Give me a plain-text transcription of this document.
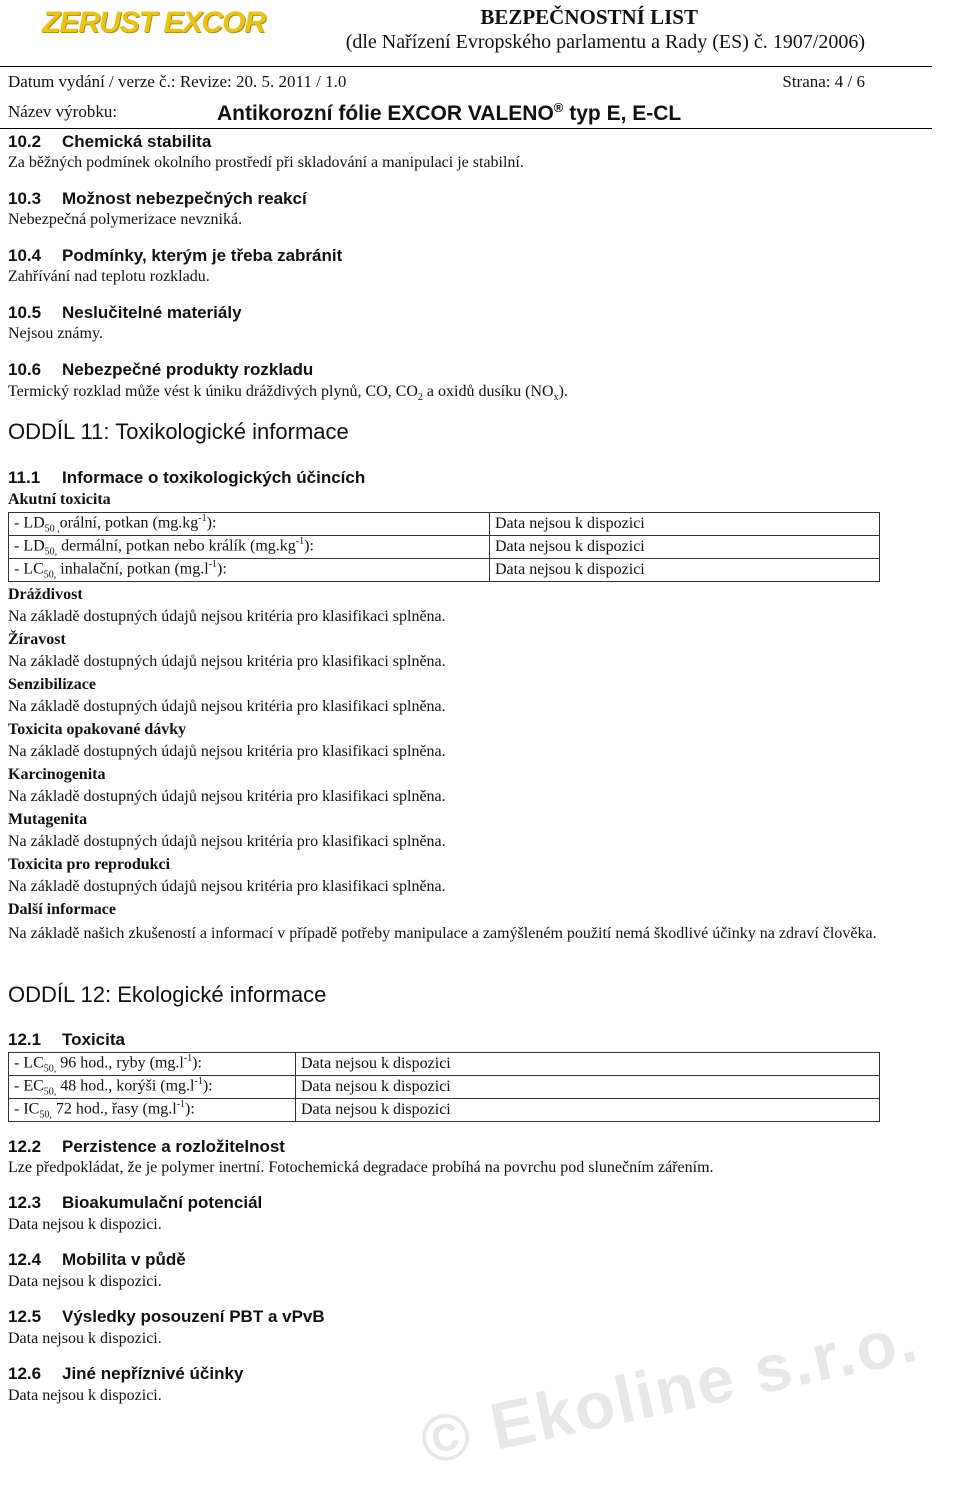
ZERUST EXCOR	BEZPEČNOSTNÍ LIST
(dle Nařízení Evropského parlamentu a Rady (ES) č. 1907/2006)
Datum vydání / verze č.: Revize: 20. 5. 2011 / 1.0	Strana: 4 / 6
Název výrobku:	Antikorozní fólie EXCOR VALENO® typ E, E-CL
10.2 Chemická stabilita
Za běžných podmínek okolního prostředí při skladování a manipulaci je stabilní.
10.3 Možnost nebezpečných reakcí
Nebezpečná polymerizace nevzniká.
10.4 Podmínky, kterým je třeba zabránit
Zahřívání nad teplotu rozkladu.
10.5 Neslučitelné materiály
Nejsou známy.
10.6 Nebezpečné produkty rozkladu
Termický rozklad může vést k úniku dráždivých plynů, CO, $CO_2$ a oxidů dusíku $(NO_x)$.
ODDÍL 11: Toxikologické informace
11.1 Informace o toxikologických účincích
Akutní toxicita
- $LD_{50 ,}orá\ln í$, potkan $(mg.kg^{-1})$:	Data nejsou k dispozici
- $LD_{50,}$ dermální, potkan nebo králík $(mg.kg^{-1})$:	Data nejsou k dispozici
- $LC_{50,}$ inhalační, potkan $(mg.l^{-1})$:	Data nejsou k dispozici
Dráždivost
Na základě dostupných údajů nejsou kritéria pro klasifikaci splněna.
Žíravost
Na základě dostupných údajů nejsou kritéria pro klasifikaci splněna.
Senzibilizace
Na základě dostupných údajů nejsou kritéria pro klasifikaci splněna.
Toxicita opakované dávky
Na základě dostupných údajů nejsou kritéria pro klasifikaci splněna.
Karcinogenita
Na základě dostupných údajů nejsou kritéria pro klasifikaci splněna.
Mutagenita
Na základě dostupných údajů nejsou kritéria pro klasifikaci splněna.
Toxicita pro reprodukci
Na základě dostupných údajů nejsou kritéria pro klasifikaci splněna.
Další informace
Na základě našich zkušeností a informací v případě potřeby manipulace a zamýšleném použití nemá škodlivé účinky na zdraví člověka.
ODDÍL 12: Ekologické informace
12.1 Toxicita
- $LC_{50,}$ 96 hod., ryby $(mg.l^{-1})$:	Data nejsou k dispozici
- $EC_{50,}$ 48 hod., korýši $(mg.l^{-1})$:	Data nejsou k dispozici
- $IC_{50,}$ 72 hod., řasy $(mg.l^{-1})$:	Data nejsou k dispozici
12.2 Perzistence a rozložitelnost
Lze předpokládat, že je polymer inertní. Fotochemická degradace probíhá na povrchu pod slunečním zářením.
12.3 Bioakumulační potenciál
Data nejsou k dispozici.
12.4 Mobilita v půdě
Data nejsou k dispozici.
12.5 Výsledky posouzení PBT a vPvB
Data nejsou k dispozici.
12.6 Jiné nepříznivé účinky
Data nejsou k dispozici.	© Ekoline s.r.o.
